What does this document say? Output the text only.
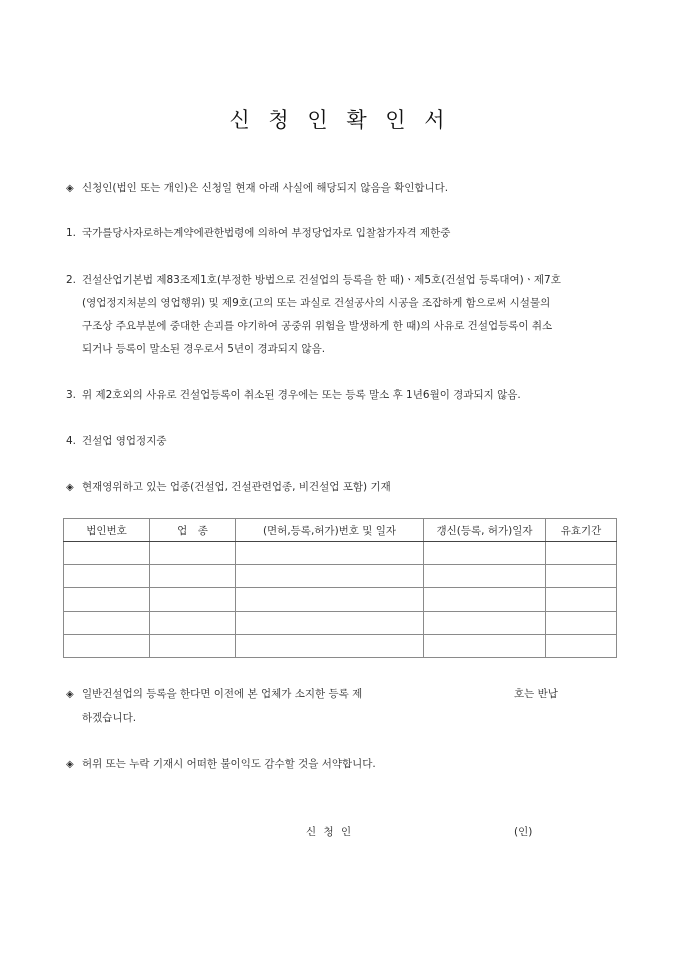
신 청 인 확 인 서
◈ 신청인(법인 또는 개인)은 신청일 현재 아래 사실에 해당되지 않음을 확인합니다.
1. 국가를당사자로하는계약에관한법령에 의하여 부정당업자로 입찰참가자격 제한중
2. 건설산업기본법 제83조제1호(부정한 방법으로 건설업의 등록을 한 때)ㆍ제5호(건설업 등록대여)ㆍ제7호
(영업정지처분의 영업행위) 및 제9호(고의 또는 과실로 건설공사의 시공을 조잡하게 함으로써 시설물의
구조상 주요부분에 중대한 손괴를 야기하여 공중위 위험을 발생하게 한 때)의 사유로 건설업등록이 취소
되거나 등록이 말소된 경우로서 5년이 경과되지 않음.
3. 위 제2호외의 사유로 건설업등록이 취소된 경우에는 또는 등록 말소 후 1년6월이 경과되지 않음.
4. 건설업 영업정지중
◈ 현재영위하고 있는 업종(건설업, 건설관련업종, 비건설업 포함) 기재
법인번호	업　종	(면허,등록,허가)번호 및 일자	갱신(등록, 허가)일자	유효기간

◈ 일반건설업의 등록을 한다면 이전에 본 업체가 소지한 등록 제	호는 반납
하겠습니다.
◈ 허위 또는 누락 기재시 어떠한 불이익도 감수할 것을 서약합니다.
신 청 인	(인)
